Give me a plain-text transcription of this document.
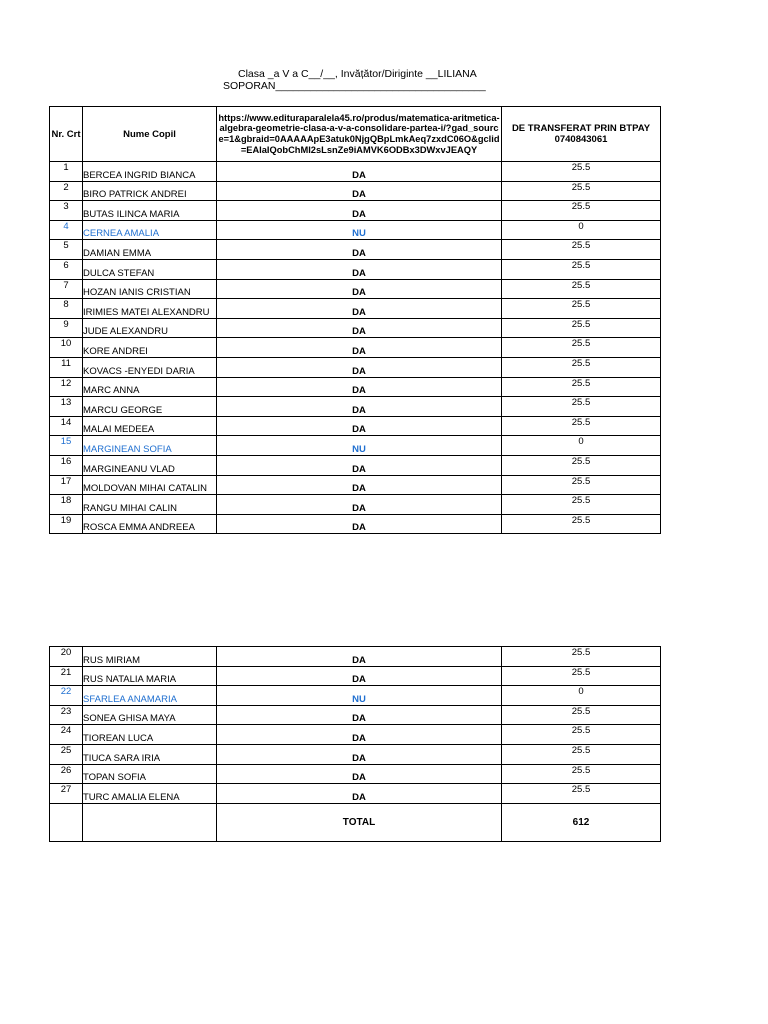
Clasa _a V a C__/__, Invățător/Diriginte __LILIANA
SOPORAN____________________________________
Nr. Crt	Nume Copil	https://www.edituraparalela45.ro/produs/matematica-aritmetica-algebra-geometrie-clasa-a-v-a-consolidare-partea-i/?gad_source=1&gbraid=0AAAAApE3atuk0NjgQBpLmkAeq7zxdC06O&gclid=EAIaIQobChMI2sLsnZe9iAMVK6ODBx3DWxvJEAQY	DE TRANSFERAT PRIN BTPAY 0740843061
1	BERCEA INGRID BIANCA	DA	25.5
2	BIRO PATRICK ANDREI	DA	25.5
3	BUTAS ILINCA MARIA	DA	25.5
4	CERNEA AMALIA	NU	0
5	DAMIAN EMMA	DA	25.5
6	DULCA STEFAN	DA	25.5
7	HOZAN IANIS CRISTIAN	DA	25.5
8	IRIMIES MATEI ALEXANDRU	DA	25.5
9	JUDE ALEXANDRU	DA	25.5
10	KORE ANDREI	DA	25.5
11	KOVACS -ENYEDI DARIA	DA	25.5
12	MARC ANNA	DA	25.5
13	MARCU GEORGE	DA	25.5
14	MALAI MEDEEA	DA	25.5
15	MARGINEAN SOFIA	NU	0
16	MARGINEANU VLAD	DA	25.5
17	MOLDOVAN MIHAI CATALIN	DA	25.5
18	RANGU MIHAI CALIN	DA	25.5
19	ROSCA EMMA ANDREEA	DA	25.5
20	RUS MIRIAM	DA	25.5
21	RUS NATALIA MARIA	DA	25.5
22	SFARLEA ANAMARIA	NU	0
23	SONEA GHISA MAYA	DA	25.5
24	TIOREAN LUCA	DA	25.5
25	TIUCA SARA IRIA	DA	25.5
26	TOPAN SOFIA	DA	25.5
27	TURC AMALIA ELENA	DA	25.5
		TOTAL	612
